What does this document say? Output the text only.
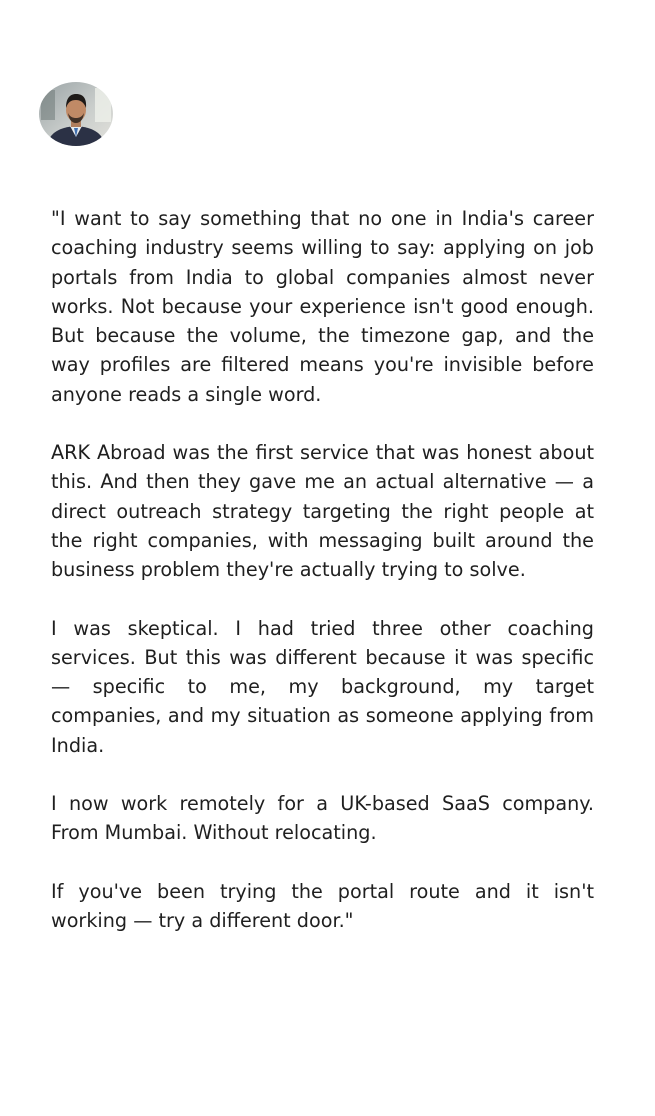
"I want to say something that no one in India's career coaching industry seems willing to say: applying on job portals from India to global companies almost never works. Not because your experience isn't good enough. But because the volume, the timezone gap, and the way profiles are filtered means you're invisible before anyone reads a single word.

ARK Abroad was the first service that was honest about this. And then they gave me an actual alternative — a direct outreach strategy targeting the right people at the right companies, with messaging built around the business problem they're actually trying to solve.

I was skeptical. I had tried three other coaching services. But this was different because it was specific — specific to me, my background, my target companies, and my situation as someone applying from India.

I now work remotely for a UK-based SaaS company. From Mumbai. Without relocating.

If you've been trying the portal route and it isn't working — try a different door."
